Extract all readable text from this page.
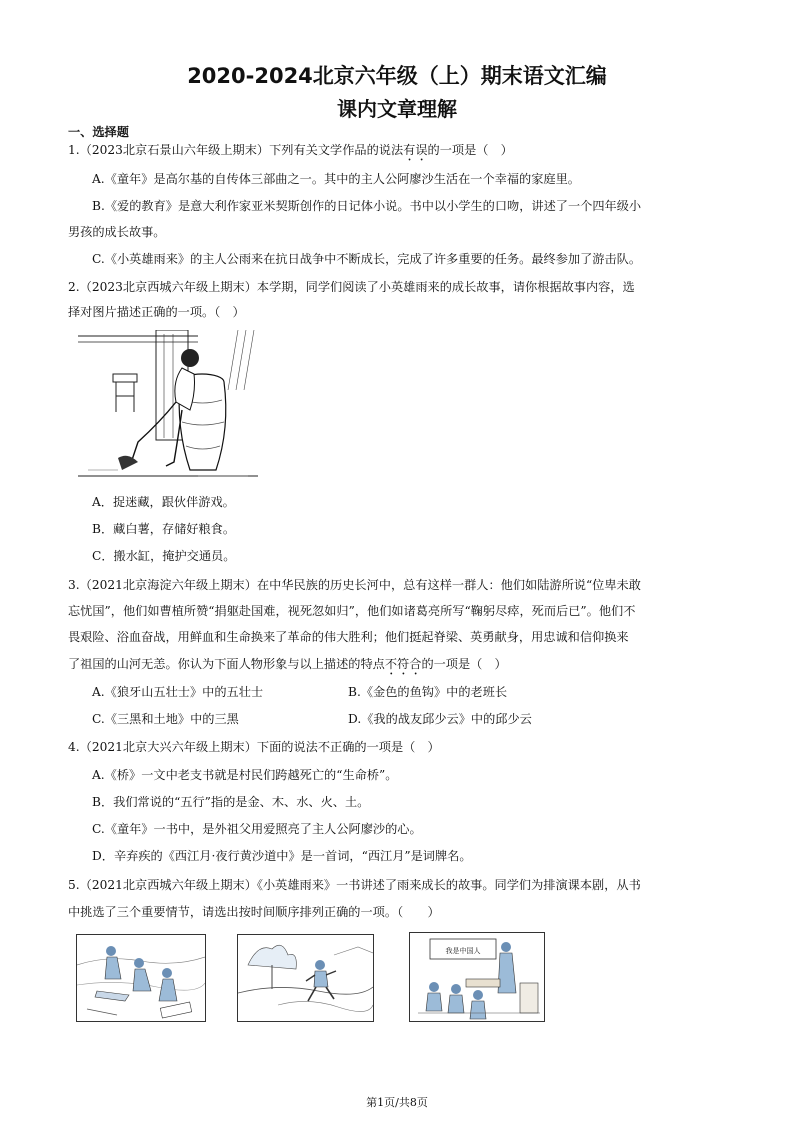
2020-2024北京六年级（上）期末语文汇编
课内文章理解
一、选择题
1.（2023北京石景山六年级上期末）下列有关文学作品的说法有误的一项是（　）
A.《童年》是高尔基的自传体三部曲之一。其中的主人公阿廖沙生活在一个幸福的家庭里。
B.《爱的教育》是意大利作家亚米契斯创作的日记体小说。书中以小学生的口吻，讲述了一个四年级小
男孩的成长故事。
C.《小英雄雨来》的主人公雨来在抗日战争中不断成长，完成了许多重要的任务。最终参加了游击队。
2.（2023北京西城六年级上期末）本学期，同学们阅读了小英雄雨来的成长故事，请你根据故事内容，选
择对图片描述正确的一项。（　）
A．捉迷藏，跟伙伴游戏。
B．藏白薯，存储好粮食。
C．搬水缸，掩护交通员。
3.（2021北京海淀六年级上期末）在中华民族的历史长河中，总有这样一群人：他们如陆游所说“位卑未敢
忘忧国”，他们如曹植所赞“捐躯赴国难，视死忽如归”，他们如诸葛亮所写“鞠躬尽瘁，死而后已”。他们不
畏艰险、浴血奋战，用鲜血和生命换来了革命的伟大胜利；他们挺起脊梁、英勇献身，用忠诚和信仰换来
了祖国的山河无恙。你认为下面人物形象与以上描述的特点不符合的一项是（　）
A.《狼牙山五壮士》中的五壮士	B.《金色的鱼钩》中的老班长
C.《三黑和土地》中的三黑	D.《我的战友邱少云》中的邱少云
4.（2021北京大兴六年级上期末）下面的说法不正确的一项是（　）
A.《桥》一文中老支书就是村民们跨越死亡的“生命桥”。
B．我们常说的“五行”指的是金、木、水、火、土。
C.《童年》一书中，是外祖父用爱照亮了主人公阿廖沙的心。
D．辛弃疾的《西江月·夜行黄沙道中》是一首词，“西江月”是词牌名。
5.（2021北京西城六年级上期末）《小英雄雨来》一书讲述了雨来成长的故事。同学们为排演课本剧，从书
中挑选了三个重要情节，请选出按时间顺序排列正确的一项。（　　）
我是中国人
第1页/共8页
